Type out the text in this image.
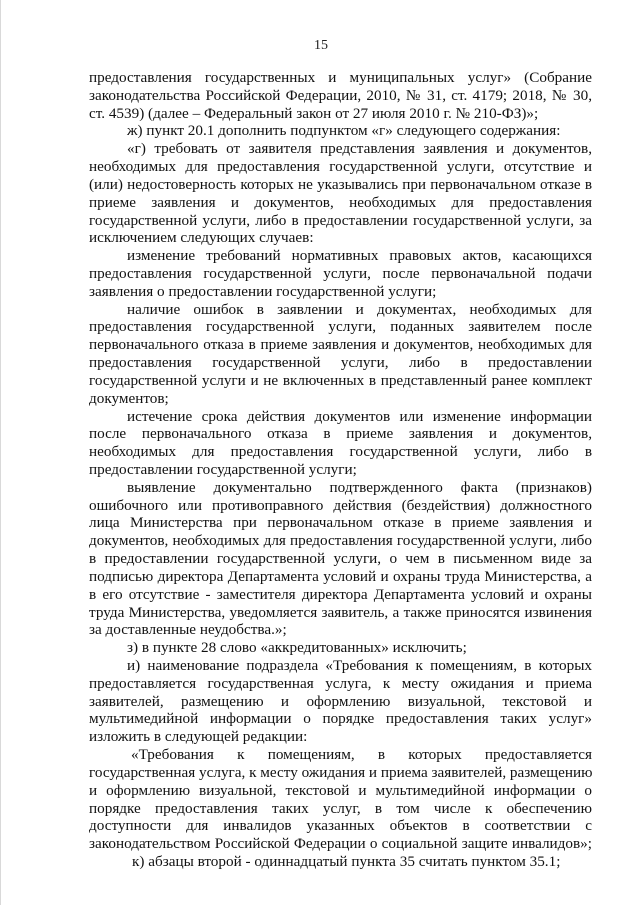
15
предоставления государственных и муниципальных услуг» (Собрание
законодательства Российской Федерации, 2010, № 31, ст. 4179; 2018, № 30,
ст. 4539) (далее – Федеральный закон от 27 июля 2010 г. № 210-ФЗ)»;
ж) пункт 20.1 дополнить подпунктом «г» следующего содержания:
«г) требовать от заявителя представления заявления и документов,
необходимых для предоставления государственной услуги, отсутствие и
(или) недостоверность которых не указывались при первоначальном отказе в
приеме заявления и документов, необходимых для предоставления
государственной услуги, либо в предоставлении государственной услуги, за
исключением следующих случаев:
изменение требований нормативных правовых актов, касающихся
предоставления государственной услуги, после первоначальной подачи
заявления о предоставлении государственной услуги;
наличие ошибок в заявлении и документах, необходимых для
предоставления государственной услуги, поданных заявителем после
первоначального отказа в приеме заявления и документов, необходимых для
предоставления государственной услуги, либо в предоставлении
государственной услуги и не включенных в представленный ранее комплект
документов;
истечение срока действия документов или изменение информации
после первоначального отказа в приеме заявления и документов,
необходимых для предоставления государственной услуги, либо в
предоставлении государственной услуги;
выявление документально подтвержденного факта (признаков)
ошибочного или противоправного действия (бездействия) должностного
лица Министерства при первоначальном отказе в приеме заявления и
документов, необходимых для предоставления государственной услуги, либо
в предоставлении государственной услуги, о чем в письменном виде за
подписью директора Департамента условий и охраны труда Министерства, а
в его отсутствие - заместителя директора Департамента условий и охраны
труда Министерства, уведомляется заявитель, а также приносятся извинения
за доставленные неудобства.»;
з) в пункте 28 слово «аккредитованных» исключить;
и) наименование подраздела «Требования к помещениям, в которых
предоставляется государственная услуга, к месту ожидания и приема
заявителей, размещению и оформлению визуальной, текстовой и
мультимедийной информации о порядке предоставления таких услуг»
изложить в следующей редакции:
«Требования к помещениям, в которых предоставляется
государственная услуга, к месту ожидания и приема заявителей, размещению
и оформлению визуальной, текстовой и мультимедийной информации о
порядке предоставления таких услуг, в том числе к обеспечению
доступности для инвалидов указанных объектов в соответствии с
законодательством Российской Федерации о социальной защите инвалидов»;
к) абзацы второй - одиннадцатый пункта 35 считать пунктом 35.1;
